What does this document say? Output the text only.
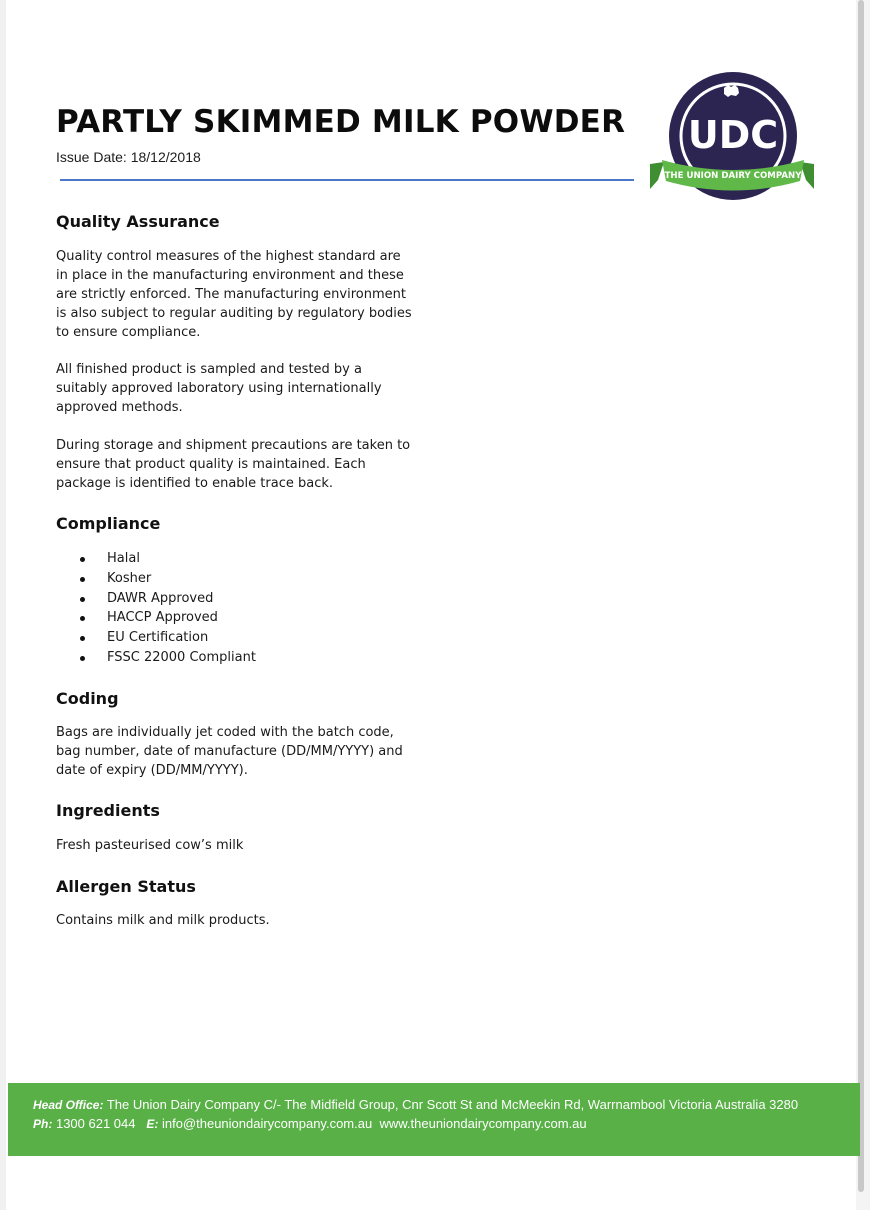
PARTLY SKIMMED MILK POWDER
Issue Date: 18/12/2018	UDC
THE UNION DAIRY COMPANY
Quality Assurance

Quality control measures of the highest standard are in place in the manufacturing environment and these are strictly enforced. The manufacturing environment is also subject to regular auditing by regulatory bodies to ensure compliance.

All finished product is sampled and tested by a suitably approved laboratory using internationally approved methods.

During storage and shipment precautions are taken to ensure that product quality is maintained. Each package is identified to enable trace back.

Compliance
Halal
Kosher
DAWR Approved
HACCP Approved
EU Certification
FSSC 22000 Compliant
Coding

Bags are individually jet coded with the batch code, bag number, date of manufacture (DD/MM/YYYY) and date of expiry (DD/MM/YYYY).

Ingredients

Fresh pasteurised cow’s milk

Allergen Status

Contains milk and milk products.

Head Office: The Union Dairy Company C/- The Midfield Group, Cnr Scott St and McMeekin Rd, Warrnambool Victoria Australia 3280
Ph: 1300 621 044 E: info@theuniondairycompany.com.au www.theuniondairycompany.com.au
